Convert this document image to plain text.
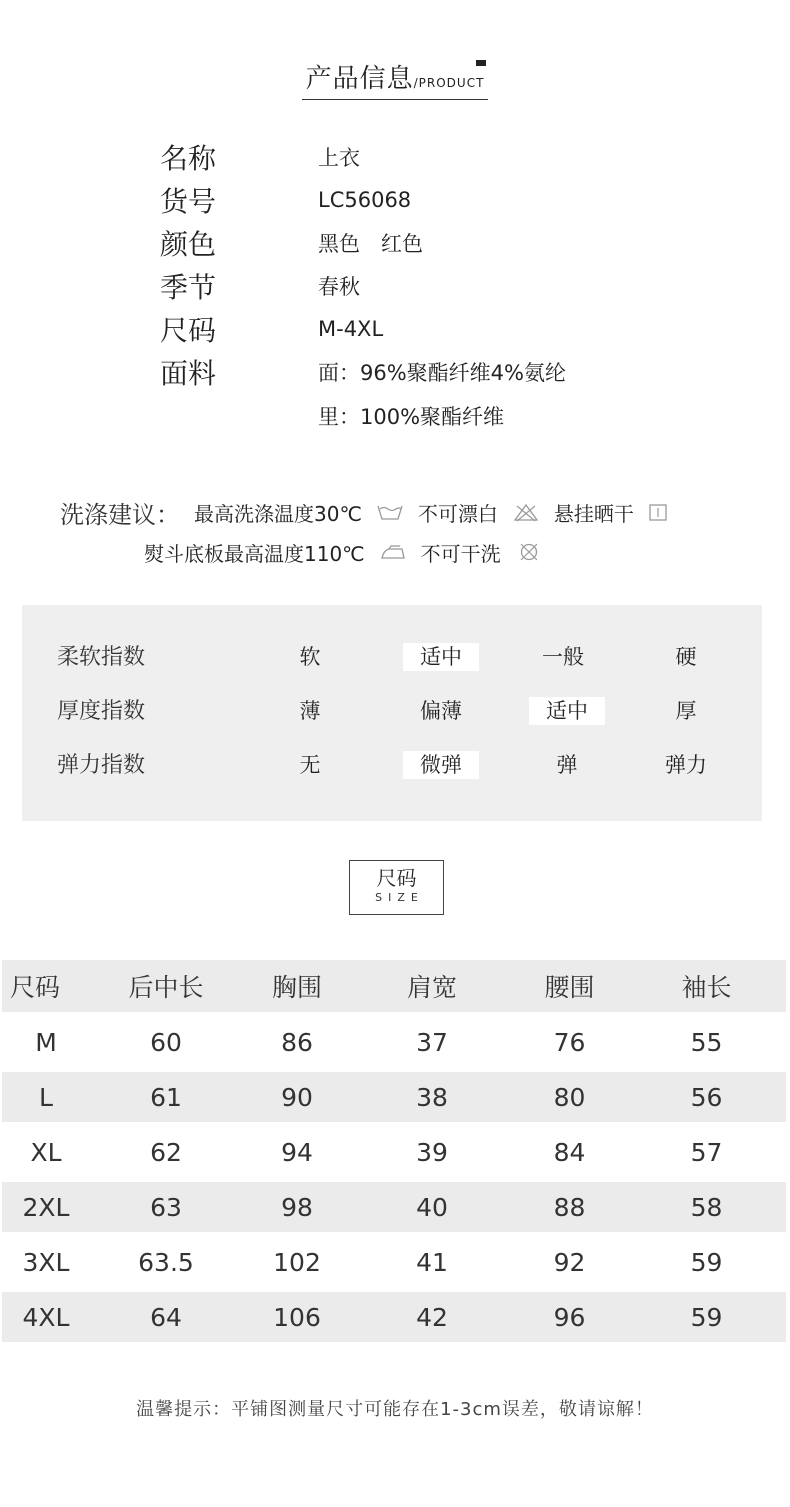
产品信息/PRODUCT
名称	上衣
货号	LC56068
颜色	黑色　红色
季节	春秋
尺码	M-4XL
面料	面：96%聚酯纤维4%氨纶
里：100%聚酯纤维
洗涤建议： 最高洗涤温度30℃	不可漂白	悬挂晒干
熨斗底板最高温度110℃	不可干洗
柔软指数	软	适中	一般	硬
厚度指数	薄	偏薄	适中	厚
弹力指数	无	微弹	弹	弹力
尺码
SIZE
尺码	后中长	胸围	肩宽	腰围	袖长
M	60	86	37	76	55
L	61	90	38	80	56
XL	62	94	39	84	57
2XL	63	98	40	88	58
3XL	63.5	102	41	92	59
4XL	64	106	42	96	59
温馨提示：平铺图测量尺寸可能存在1-3cm误差，敬请谅解！
